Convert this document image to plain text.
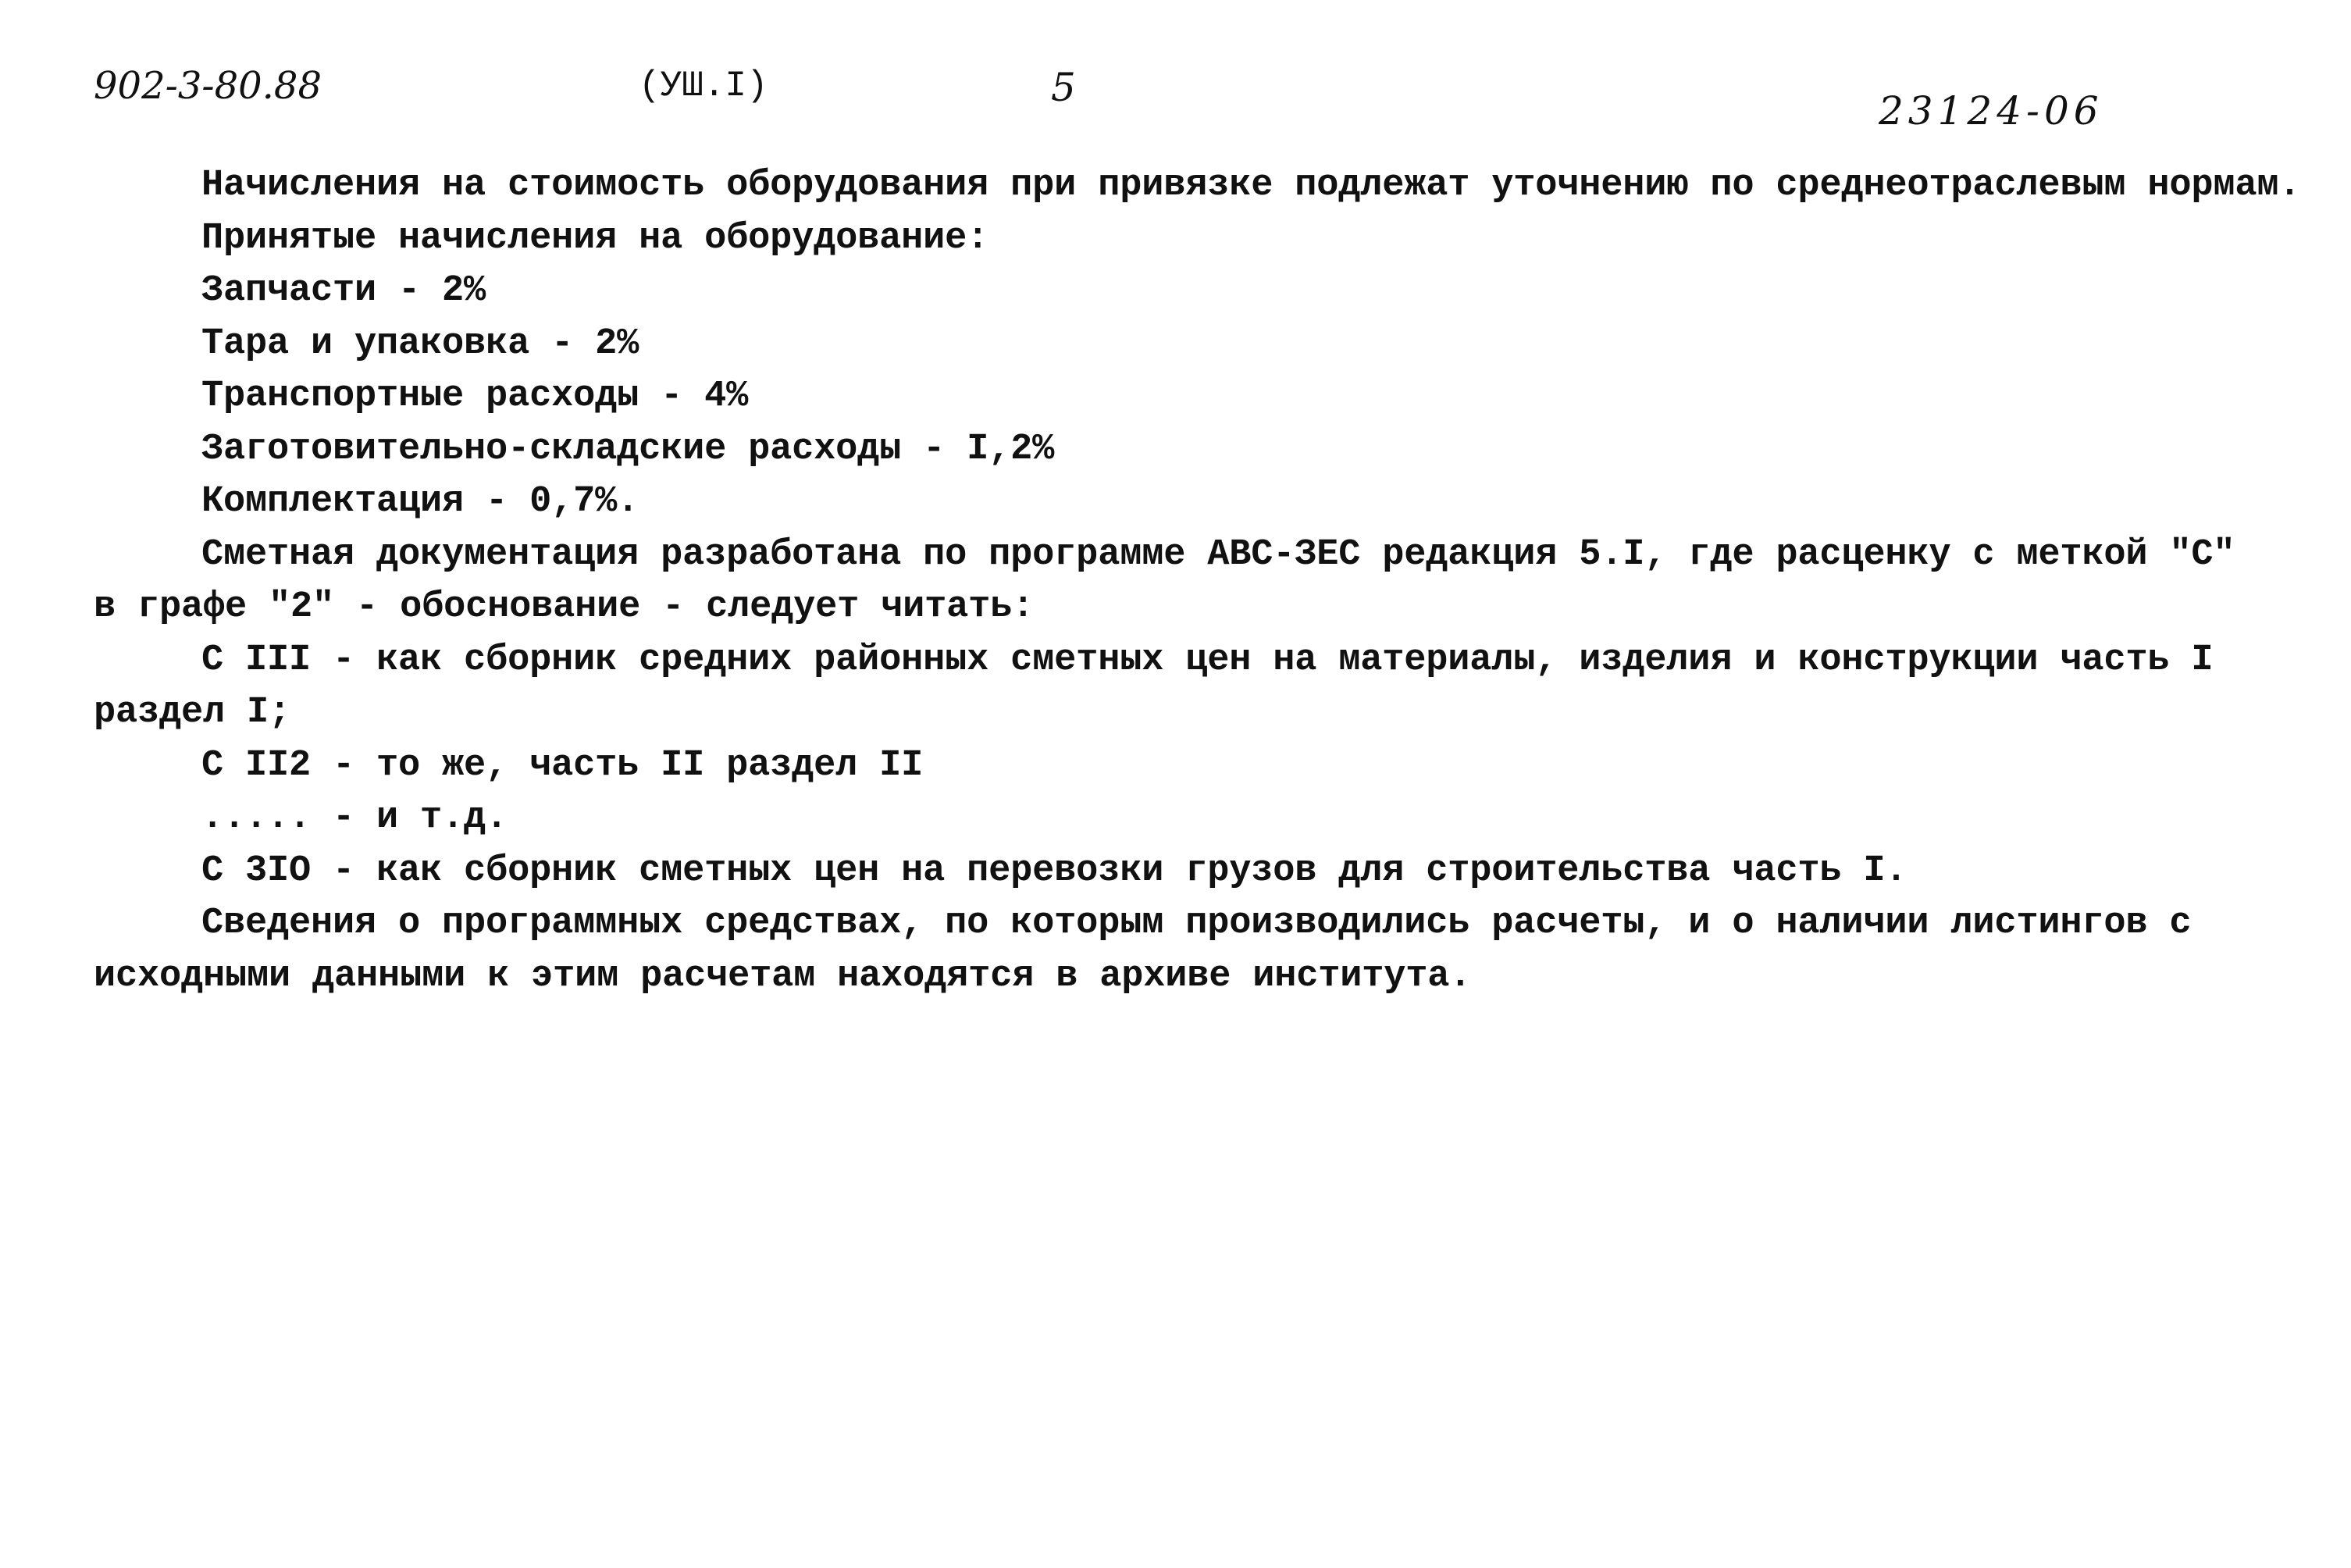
902-3-80.88	(УШ.I)	5
23124-06
Начисления на стоимость оборудования при привязке подлежат уточнению по среднеотраслевым нормам.
Принятые начисления на оборудование:
Запчасти - 2%
Тара и упаковка - 2%
Транспортные расходы - 4%
Заготовительно-складские расходы - I,2%
Комплектация - 0,7%.
Сметная документация разработана по программе АВС-ЗЕС редакция 5.I, где расценку с меткой "С"
в графе "2" - обоснование - следует читать:
С III - как сборник средних районных сметных цен на материалы, изделия и конструкции часть I
раздел I;
С II2 - то же, часть II раздел II
..... - и т.д.
С 3IO - как сборник сметных цен на перевозки грузов для строительства часть I.
Сведения о программных средствах, по которым производились расчеты, и о наличии листингов с
исходными данными к этим расчетам находятся в архиве института.
